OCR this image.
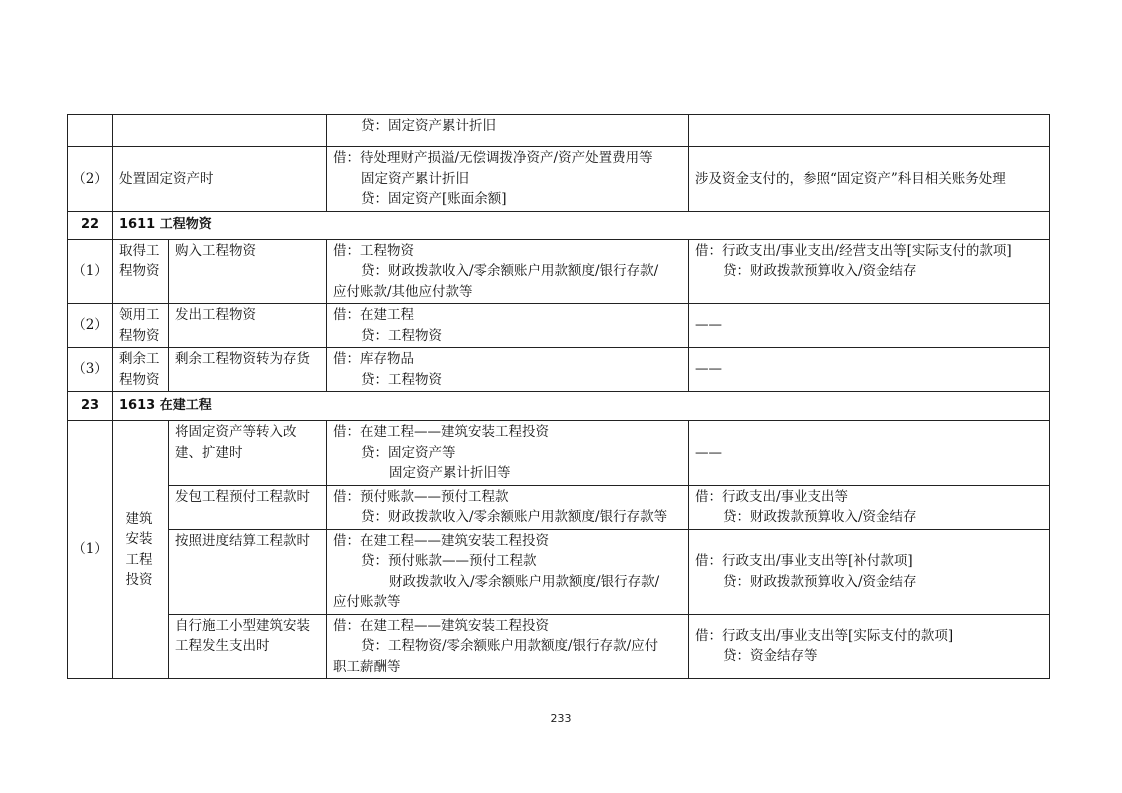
			贷：固定资产累计折旧	

（2）	处置固定资产时		借：待处理财产损溢/无偿调拨净资产/资产处置费用等
固定资产累计折旧
贷：固定资产[账面余额]	涉及资金支付的，参照“固定资产”科目相关账务处理
22	1611 工程物资			
（1）	取得工程物资	购入工程物资	借：工程物资
贷：财政拨款收入/零余额账户用款额度/银行存款/
应付账款/其他应付款等	借：行政支出/事业支出/经营支出等[实际支付的款项]
贷：财政拨款预算收入/资金结存

（2）	领用工程物资	发出工程物资	借：在建工程
贷：工程物资	——
（3）	剩余工程物资	剩余工程物资转为存货	借：库存物品
贷：工程物资	——
23	1613 在建工程			
（1）	建筑安装工程投资	将固定资产等转入改建、扩建时	借：在建工程——建筑安装工程投资
贷：固定资产等
固定资产累计折旧等	——
		发包工程预付工程款时	借：预付账款——预付工程款
贷：财政拨款收入/零余额账户用款额度/银行存款等	借：行政支出/事业支出等
贷：财政拨款预算收入/资金结存

		按照进度结算工程款时	借：在建工程——建筑安装工程投资
贷：预付账款——预付工程款
财政拨款收入/零余额账户用款额度/银行存款/
应付账款等	借：行政支出/事业支出等[补付款项]
贷：财政拨款预算收入/资金结存

		自行施工小型建筑安装工程发生支出时	借：在建工程——建筑安装工程投资
贷：工程物资/零余额账户用款额度/银行存款/应付
职工薪酬等	借：行政支出/事业支出等[实际支付的款项]
贷：资金结存等
233
